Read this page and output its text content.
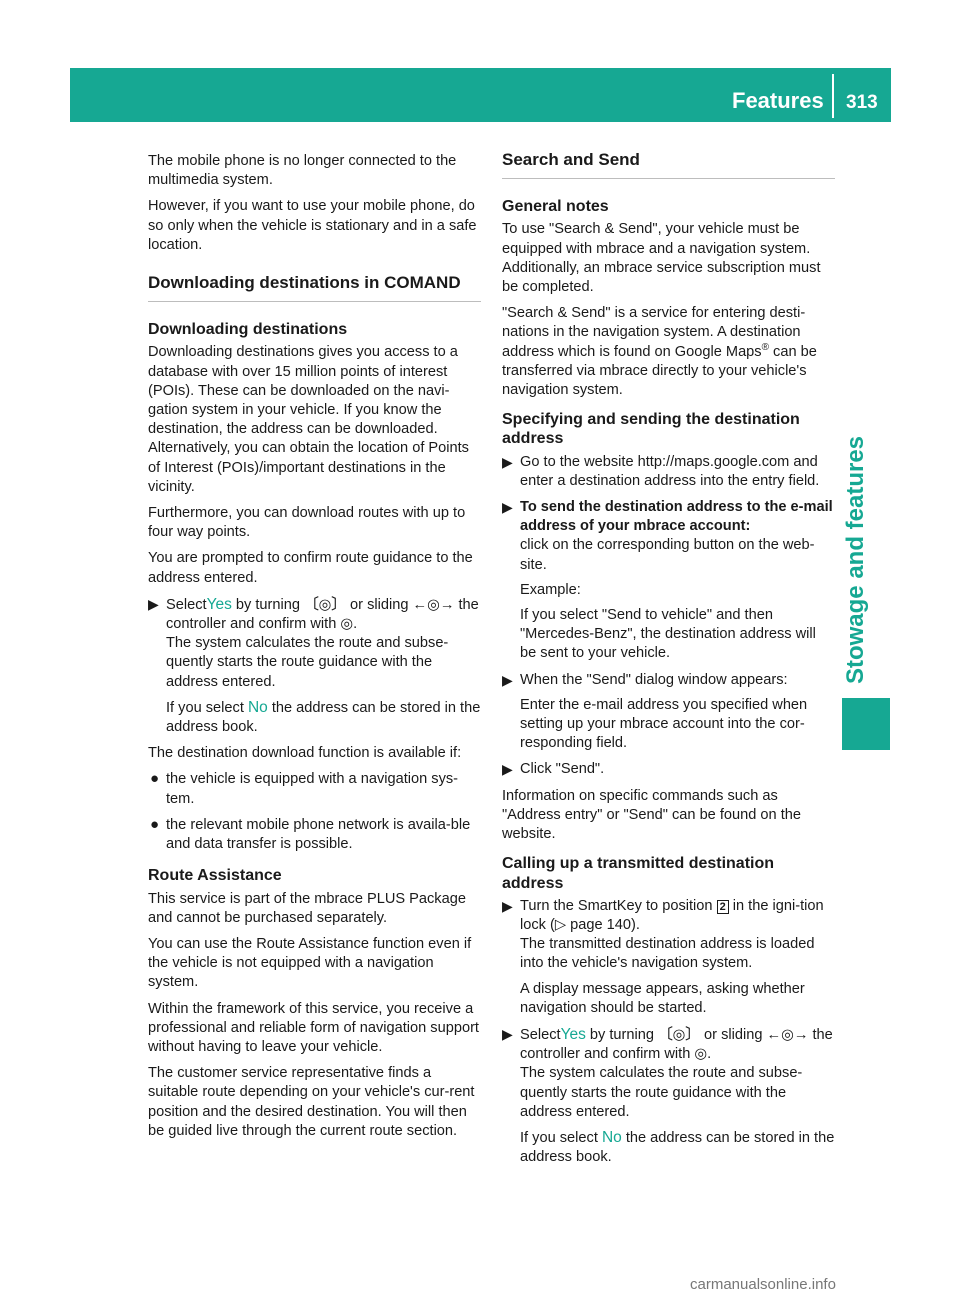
Features 313
Stowage and features

The mobile phone is no longer connected to the multimedia system.

However, if you want to use your mobile phone, do so only when the vehicle is stationary and in a safe location.

Downloading destinations in COMAND
Downloading destinations

Downloading destinations gives you access to a database with over 15 million points of interest (POIs). These can be downloaded on the navi-gation system in your vehicle. If you know the destination, the address can be downloaded. Alternatively, you can obtain the location of Points of Interest (POIs)/important destinations in the vicinity.

Furthermore, you can download routes with up to four way points.

You are prompted to confirm route guidance to the address entered.

▶ SelectYes by turning 〔◎〕 or sliding ←◎→ the controller and confirm with ◎.
The system calculates the route and subse-quently starts the route guidance with the address entered.
If you select No the address can be stored in the address book.

The destination download function is available if:

● the vehicle is equipped with a navigation sys-tem.
● the relevant mobile phone network is availa-ble and data transfer is possible.
Route Assistance

This service is part of the mbrace PLUS Package and cannot be purchased separately.

You can use the Route Assistance function even if the vehicle is not equipped with a navigation system.

Within the framework of this service, you receive a professional and reliable form of navigation support without having to leave your vehicle.

The customer service representative finds a suitable route depending on your vehicle's cur-rent position and the desired destination. You will then be guided live through the current route section.

Search and Send
General notes

To use "Search & Send", your vehicle must be equipped with mbrace and a navigation system. Additionally, an mbrace service subscription must be completed.

"Search & Send" is a service for entering desti-nations in the navigation system. A destination address which is found on Google Maps® can be transferred via mbrace directly to your vehicle's navigation system.

Specifying and sending the destination address
▶ Go to the website http://maps.google.com and enter a destination address into the entry field.
▶ To send the destination address to the e-mail address of your mbrace account:
click on the corresponding button on the web-site.
Example:
If you select "Send to vehicle" and then "Mercedes-Benz", the destination address will be sent to your vehicle.
▶ When the "Send" dialog window appears:
Enter the e-mail address you specified when setting up your mbrace account into the cor-responding field.
▶ Click "Send".

Information on specific commands such as "Address entry" or "Send" can be found on the website.

Calling up a transmitted destination address
▶ Turn the SmartKey to position 2 in the igni-tion lock (▷ page 140).
The transmitted destination address is loaded into the vehicle's navigation system.
A display message appears, asking whether navigation should be started.
▶ SelectYes by turning 〔◎〕 or sliding ←◎→ the controller and confirm with ◎.
The system calculates the route and subse-quently starts the route guidance with the address entered.
If you select No the address can be stored in the address book.
carmanualsonline.info
